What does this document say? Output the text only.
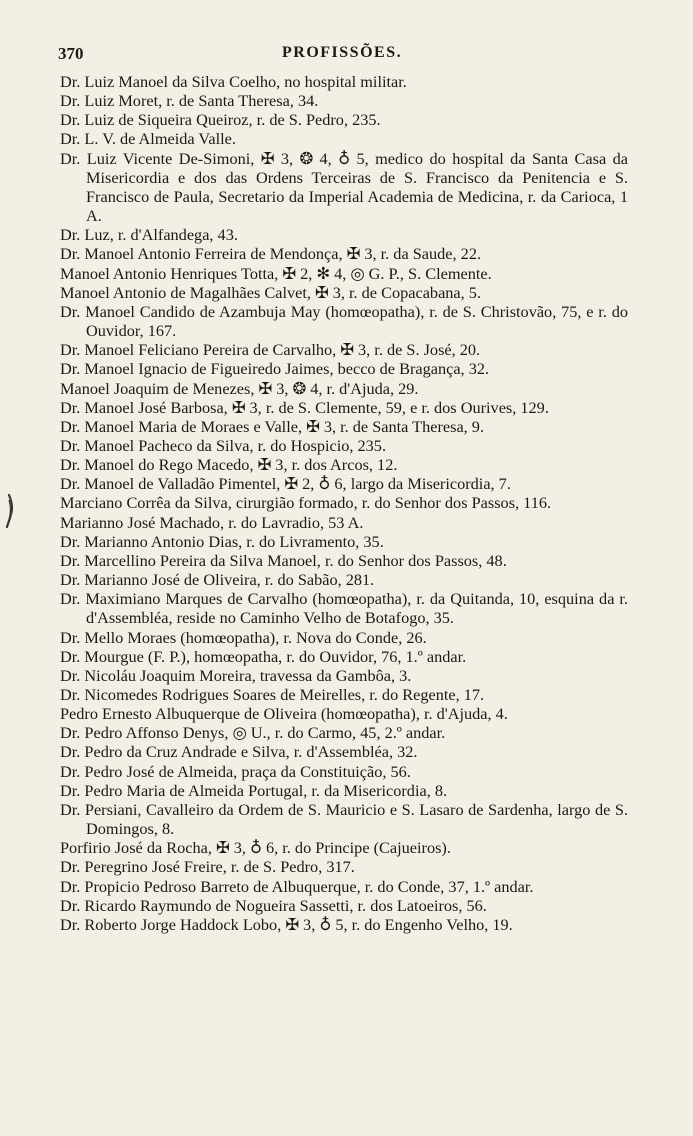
370	PROFISSÕES.
Dr. Luiz Manoel da Silva Coelho, no hospital militar.
Dr. Luiz Moret, r. de Santa Theresa, 34.
Dr. Luiz de Siqueira Queiroz, r. de S. Pedro, 235.
Dr. L. V. de Almeida Valle.
Dr. Luiz Vicente De-Simoni, ✠ 3, ❂ 4, ♁ 5, medico do hospital da Santa Casa da Misericordia e dos das Ordens Terceiras de S. Francisco da Penitencia e S. Francisco de Paula, Secretario da Imperial Academia de Medicina, r. da Carioca, 1 A.
Dr. Luz, r. d'Alfandega, 43.
Dr. Manoel Antonio Ferreira de Mendonça, ✠ 3, r. da Saude, 22.
Manoel Antonio Henriques Totta, ✠ 2, ✻ 4, ◎ G. P., S. Clemente.
Manoel Antonio de Magalhães Calvet, ✠ 3, r. de Copacabana, 5.
Dr. Manoel Candido de Azambuja May (homœopatha), r. de S. Christovão, 75, e r. do Ouvidor, 167.
Dr. Manoel Feliciano Pereira de Carvalho, ✠ 3, r. de S. José, 20.
Dr. Manoel Ignacio de Figueiredo Jaimes, becco de Bragança, 32.
Manoel Joaquim de Menezes, ✠ 3, ❂ 4, r. d'Ajuda, 29.
Dr. Manoel José Barbosa, ✠ 3, r. de S. Clemente, 59, e r. dos Ourives, 129.
Dr. Manoel Maria de Moraes e Valle, ✠ 3, r. de Santa Theresa, 9.
Dr. Manoel Pacheco da Silva, r. do Hospicio, 235.
Dr. Manoel do Rego Macedo, ✠ 3, r. dos Arcos, 12.
Dr. Manoel de Valladão Pimentel, ✠ 2, ♁ 6, largo da Misericordia, 7.
Marciano Corrêa da Silva, cirurgião formado, r. do Senhor dos Passos, 116.
Marianno José Machado, r. do Lavradio, 53 A.
Dr. Marianno Antonio Dias, r. do Livramento, 35.
Dr. Marcellino Pereira da Silva Manoel, r. do Senhor dos Passos, 48.
Dr. Marianno José de Oliveira, r. do Sabão, 281.
Dr. Maximiano Marques de Carvalho (homœopatha), r. da Quitanda, 10, esquina da r. d'Assembléa, reside no Caminho Velho de Botafogo, 35.
Dr. Mello Moraes (homœopatha), r. Nova do Conde, 26.
Dr. Mourgue (F. P.), homœopatha, r. do Ouvidor, 76, 1.º andar.
Dr. Nicoláu Joaquim Moreira, travessa da Gambôa, 3.
Dr. Nicomedes Rodrigues Soares de Meirelles, r. do Regente, 17.
Pedro Ernesto Albuquerque de Oliveira (homœopatha), r. d'Ajuda, 4.
Dr. Pedro Affonso Denys, ◎ U., r. do Carmo, 45, 2.º andar.
Dr. Pedro da Cruz Andrade e Silva, r. d'Assembléa, 32.
Dr. Pedro José de Almeida, praça da Constituição, 56.
Dr. Pedro Maria de Almeida Portugal, r. da Misericordia, 8.
Dr. Persiani, Cavalleiro da Ordem de S. Mauricio e S. Lasaro de Sardenha, largo de S. Domingos, 8.
Porfirio José da Rocha, ✠ 3, ♁ 6, r. do Principe (Cajueiros).
Dr. Peregrino José Freire, r. de S. Pedro, 317.
Dr. Propicio Pedroso Barreto de Albuquerque, r. do Conde, 37, 1.º andar.
Dr. Ricardo Raymundo de Nogueira Sassetti, r. dos Latoeiros, 56.
Dr. Roberto Jorge Haddock Lobo, ✠ 3, ♁ 5, r. do Engenho Velho, 19.
